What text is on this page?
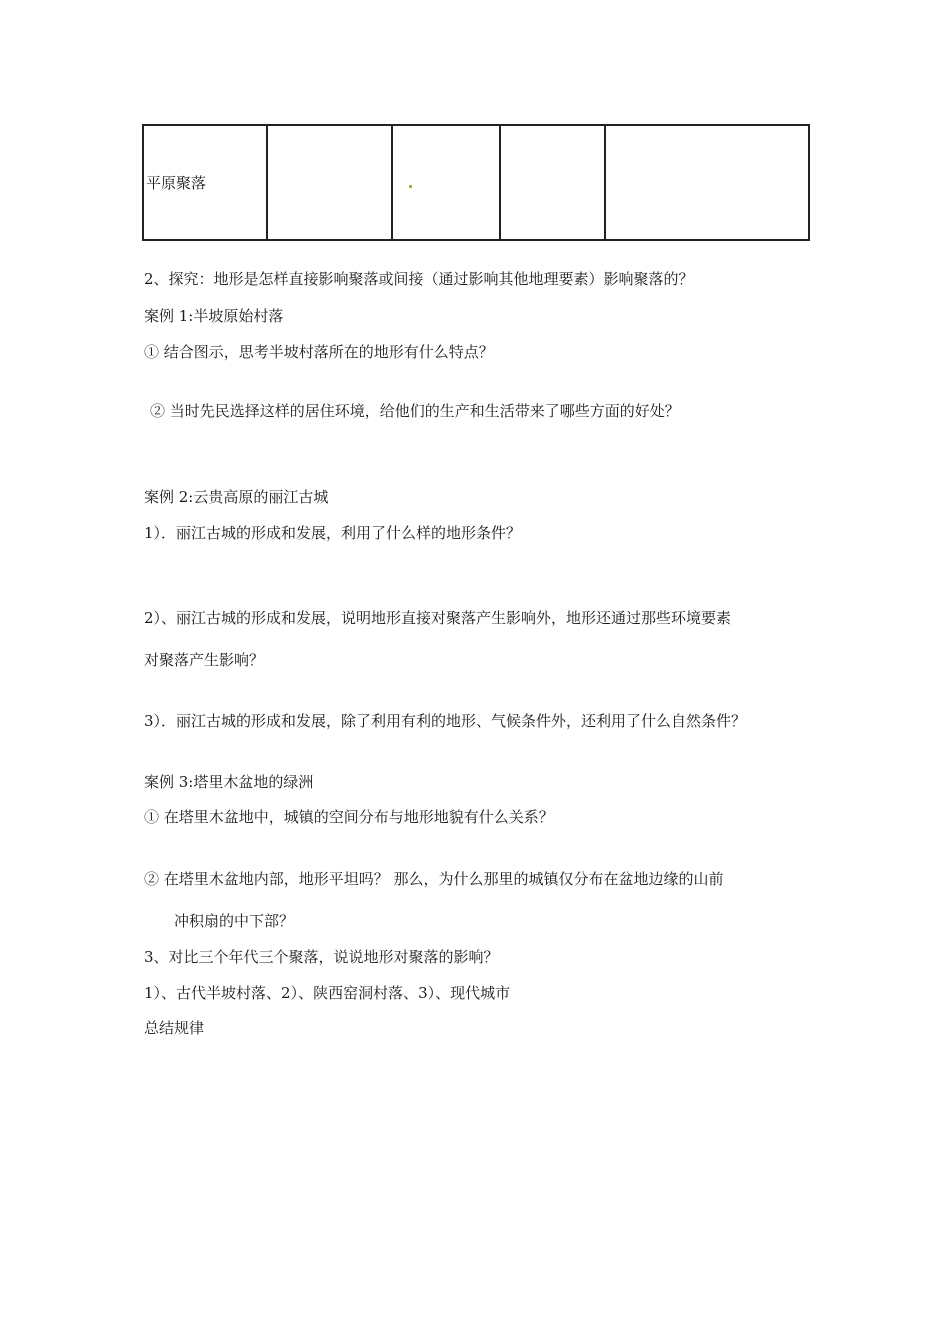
平原聚落				
2、探究：地形是怎样直接影响聚落或间接（通过影响其他地理要素）影响聚落的？
案例 1:半坡原始村落
① 结合图示，思考半坡村落所在的地形有什么特点？
② 当时先民选择这样的居住环境，给他们的生产和生活带来了哪些方面的好处？
案例 2:云贵高原的丽江古城
1）．丽江古城的形成和发展，利用了什么样的地形条件？
2）、丽江古城的形成和发展，说明地形直接对聚落产生影响外，地形还通过那些环境要素
对聚落产生影响？
3）．丽江古城的形成和发展，除了利用有利的地形、气候条件外，还利用了什么自然条件？
案例 3:塔里木盆地的绿洲
① 在塔里木盆地中，城镇的空间分布与地形地貌有什么关系？
② 在塔里木盆地内部，地形平坦吗？ 那么，为什么那里的城镇仅分布在盆地边缘的山前
冲积扇的中下部？
3、对比三个年代三个聚落，说说地形对聚落的影响？
1）、古代半坡村落、2）、陕西窑洞村落、3）、现代城市
总结规律
